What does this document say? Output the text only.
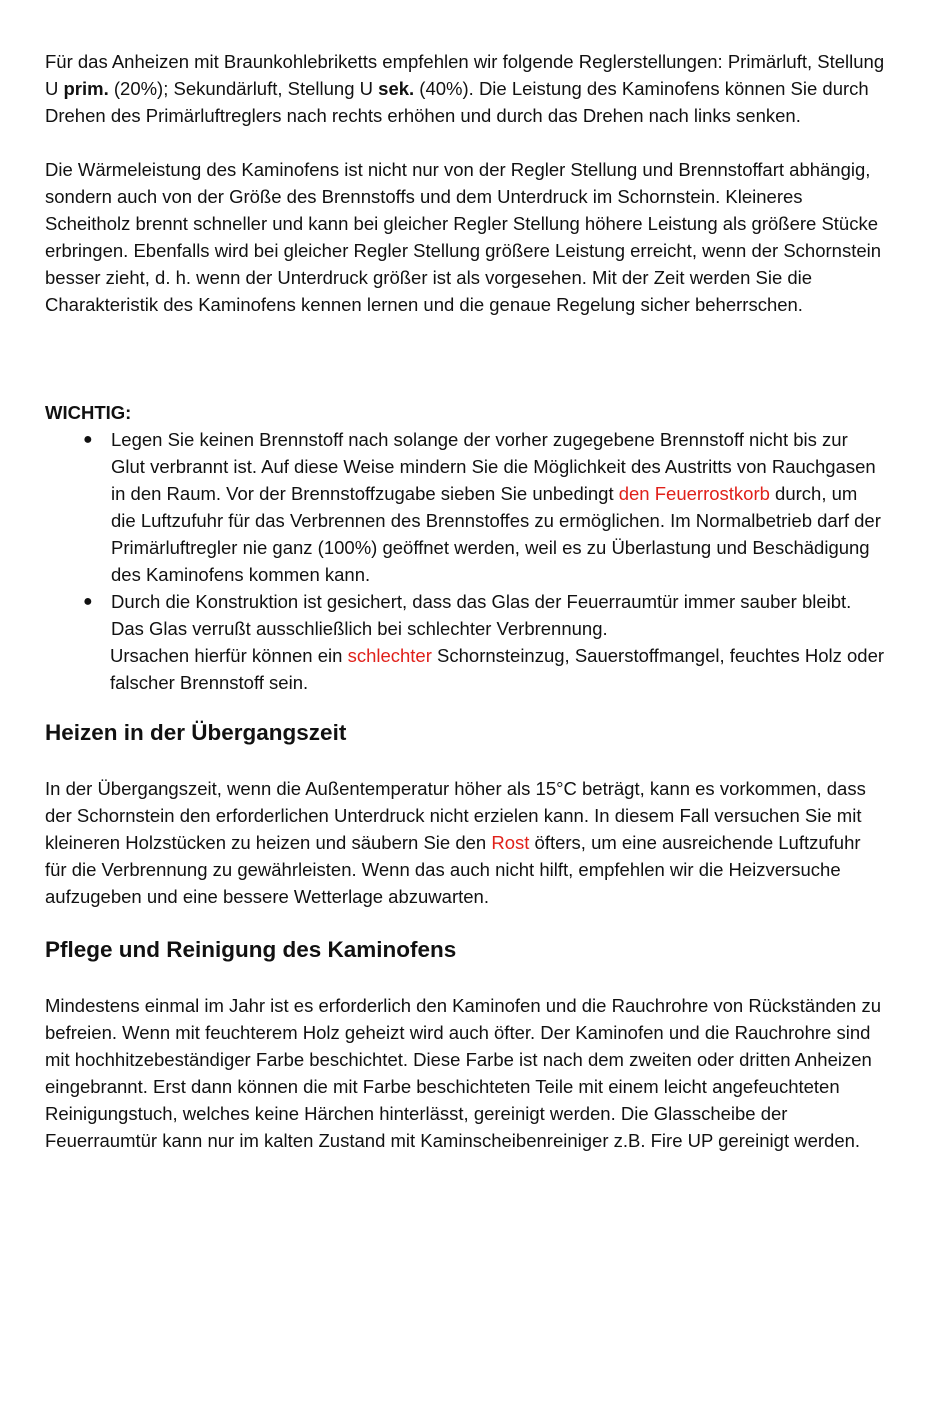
Für das Anheizen mit Braunkohlebriketts empfehlen wir folgende Reglerstellungen: Primärluft, Stellung U prim. (20%); Sekundärluft, Stellung U sek. (40%). Die Leistung des Kaminofens können Sie durch Drehen des Primärluftreglers nach rechts erhöhen und durch das Drehen nach links senken.

Die Wärmeleistung des Kaminofens ist nicht nur von der Regler Stellung und Brennstoffart abhängig, sondern auch von der Größe des Brennstoffs und dem Unterdruck im Schornstein. Kleineres Scheitholz brennt schneller und kann bei gleicher Regler Stellung höhere Leistung als größere Stücke erbringen. Ebenfalls wird bei gleicher Regler Stellung größere Leistung erreicht, wenn der Schornstein besser zieht, d. h. wenn der Unterdruck größer ist als vorgesehen. Mit der Zeit werden Sie die Charakteristik des Kaminofens kennen lernen und die genaue Regelung sicher beherrschen.

WICHTIG:

● Legen Sie keinen Brennstoff nach solange der vorher zugegebene Brennstoff nicht bis zur Glut verbrannt ist. Auf diese Weise mindern Sie die Möglichkeit des Austritts von Rauchgasen in den Raum. Vor der Brennstoffzugabe sieben Sie unbedingt den Feuerrostkorb durch, um die Luftzufuhr für das Verbrennen des Brennstoffes zu ermöglichen. Im Normalbetrieb darf der Primärluftregler nie ganz (100%) geöffnet werden, weil es zu Überlastung und Beschädigung des Kaminofens kommen kann.
● Durch die Konstruktion ist gesichert, dass das Glas der Feuerraumtür immer sauber bleibt. Das Glas verrußt ausschließlich bei schlechter Verbrennung.
Ursachen hierfür können ein schlechter Schornsteinzug, Sauerstoffmangel, feuchtes Holz oder falscher Brennstoff sein.
Heizen in der Übergangszeit

In der Übergangszeit, wenn die Außentemperatur höher als 15°C beträgt, kann es vorkommen, dass der Schornstein den erforderlichen Unterdruck nicht erzielen kann. In diesem Fall versuchen Sie mit kleineren Holzstücken zu heizen und säubern Sie den Rost öfters, um eine ausreichende Luftzufuhr für die Verbrennung zu gewährleisten. Wenn das auch nicht hilft, empfehlen wir die Heizversuche aufzugeben und eine bessere Wetterlage abzuwarten.

Pflege und Reinigung des Kaminofens

Mindestens einmal im Jahr ist es erforderlich den Kaminofen und die Rauchrohre von Rückständen zu befreien. Wenn mit feuchterem Holz geheizt wird auch öfter. Der Kaminofen und die Rauchrohre sind mit hochhitzebeständiger Farbe beschichtet. Diese Farbe ist nach dem zweiten oder dritten Anheizen eingebrannt. Erst dann können die mit Farbe beschichteten Teile mit einem leicht angefeuchteten Reinigungstuch, welches keine Härchen hinterlässt, gereinigt werden. Die Glasscheibe der Feuerraumtür kann nur im kalten Zustand mit Kaminscheibenreiniger z.B. Fire UP gereinigt werden.
